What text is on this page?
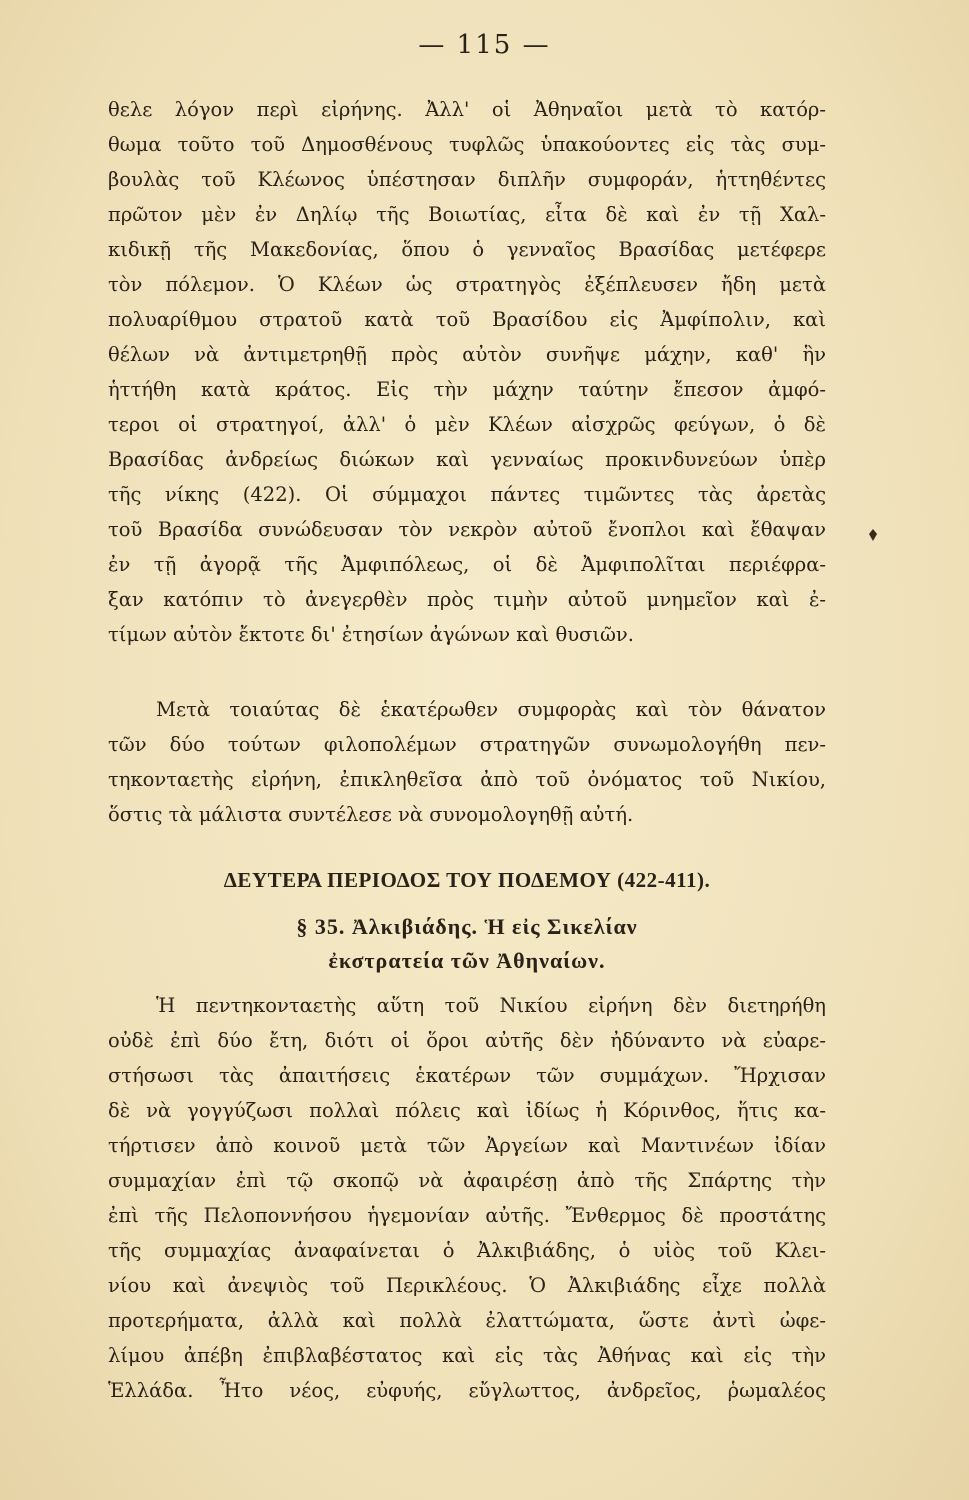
— 115 —
θελε λόγον περὶ εἰρήνης. Ἀλλ' οἱ Ἀθηναῖοι μετὰ τὸ κατόρ-
θωμα τοῦτο τοῦ Δημοσθένους τυφλῶς ὑπακούοντες εἰς τὰς συμ-
βουλὰς τοῦ Κλέωνος ὑπέστησαν διπλῆν συμφοράν, ἡττηθέντες
πρῶτον μὲν ἐν Δηλίῳ τῆς Βοιωτίας, εἶτα δὲ καὶ ἐν τῇ Χαλ-
κιδικῇ τῆς Μακεδονίας, ὅπου ὁ γενναῖος Βρασίδας μετέφερε
τὸν πόλεμον. Ὁ Κλέων ὡς στρατηγὸς ἐξέπλευσεν ἤδη μετὰ
πολυαρίθμου στρατοῦ κατὰ τοῦ Βρασίδου εἰς Ἀμφίπολιν, καὶ
θέλων νὰ ἀντιμετρηθῇ πρὸς αὐτὸν συνῆψε μάχην, καθ' ἣν
ἡττήθη κατὰ κράτος. Εἰς τὴν μάχην ταύτην ἔπεσον ἀμφό-
τεροι οἱ στρατηγοί, ἀλλ' ὁ μὲν Κλέων αἰσχρῶς φεύγων, ὁ δὲ
Βρασίδας ἀνδρείως διώκων καὶ γενναίως προκινδυνεύων ὑπὲρ
τῆς νίκης (422). Οἱ σύμμαχοι πάντες τιμῶντες τὰς ἀρετὰς
τοῦ Βρασίδα συνώδευσαν τὸν νεκρὸν αὐτοῦ ἔνοπλοι καὶ ἔθαψαν
ἐν τῇ ἀγορᾷ τῆς Ἀμφιπόλεως, οἱ δὲ Ἀμφιπολῖται περιέφρα-
ξαν κατόπιν τὸ ἀνεγερθὲν πρὸς τιμὴν αὐτοῦ μνημεῖον καὶ ἐ-
τίμων αὐτὸν ἔκτοτε δι' ἐτησίων ἀγώνων καὶ θυσιῶν.
Μετὰ τοιαύτας δὲ ἑκατέρωθεν συμφορὰς καὶ τὸν θάνατον
τῶν δύο τούτων φιλοπολέμων στρατηγῶν συνωμολογήθη πεν-
τηκονταετὴς εἰρήνη, ἐπικληθεῖσα ἀπὸ τοῦ ὀνόματος τοῦ Νικίου,
ὅστις τὰ μάλιστα συντέλεσε νὰ συνομολογηθῇ αὐτή.
ΔΕΥΤΕΡΑ ΠΕΡΙΟΔΟΣ ΤΟΥ ΠΟΔΕΜΟΥ (422-411).
§ 35. Ἀλκιβιάδης. Ἡ εἰς Σικελίαν
ἐκστρατεία τῶν Ἀθηναίων.
Ἡ πεντηκονταετὴς αὕτη τοῦ Νικίου εἰρήνη δὲν διετηρήθη
οὐδὲ ἐπὶ δύο ἔτη, διότι οἱ ὅροι αὐτῆς δὲν ἠδύναντο νὰ εὐαρε-
στήσωσι τὰς ἀπαιτήσεις ἑκατέρων τῶν συμμάχων. Ἤρχισαν
δὲ νὰ γογγύζωσι πολλαὶ πόλεις καὶ ἰδίως ἡ Κόρινθος, ἥτις κα-
τήρτισεν ἀπὸ κοινοῦ μετὰ τῶν Ἀργείων καὶ Μαντινέων ἰδίαν
συμμαχίαν ἐπὶ τῷ σκοπῷ νὰ ἀφαιρέσῃ ἀπὸ τῆς Σπάρτης τὴν
ἐπὶ τῆς Πελοποννήσου ἡγεμονίαν αὐτῆς. Ἔνθερμος δὲ προστάτης
τῆς συμμαχίας ἀναφαίνεται ὁ Ἀλκιβιάδης, ὁ υἱὸς τοῦ Κλει-
νίου καὶ ἀνεψιὸς τοῦ Περικλέους. Ὁ Ἀλκιβιάδης εἶχε πολλὰ
προτερήματα, ἀλλὰ καὶ πολλὰ ἐλαττώματα, ὥστε ἀντὶ ὠφε-
λίμου ἀπέβη ἐπιβλαβέστατος καὶ εἰς τὰς Ἀθήνας καὶ εἰς τὴν
Ἑλλάδα. Ἦτο νέος, εὐφυής, εὔγλωττος, ἀνδρεῖος, ῥωμαλέος
